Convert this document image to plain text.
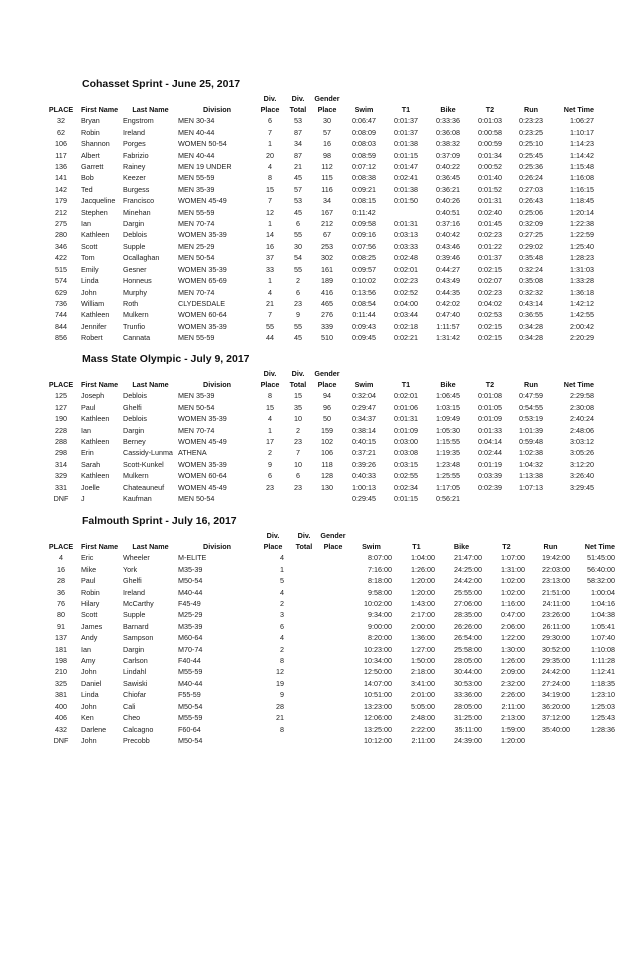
Cohasset Sprint - June 25, 2017
				Div.	Div.	Gender						
PLACE	First Name	Last Name	Division	Place	Total	Place	Swim	T1	Bike	T2	Run	Net Time
32	Bryan	Engstrom	MEN 30-34	6	53	30	0:06:47	0:01:37	0:33:36	0:01:03	0:23:23	1:06:27
62	Robin	Ireland	MEN 40-44	7	87	57	0:08:09	0:01:37	0:36:08	0:00:58	0:23:25	1:10:17
106	Shannon	Porges	WOMEN 50-54	1	34	16	0:08:03	0:01:38	0:38:32	0:00:59	0:25:10	1:14:23
117	Albert	Fabrizio	MEN 40-44	20	87	98	0:08:59	0:01:15	0:37:09	0:01:34	0:25:45	1:14:42
136	Garrett	Rainey	MEN 19 UNDER	4	21	112	0:07:12	0:01:47	0:40:22	0:00:52	0:25:36	1:15:48
141	Bob	Keezer	MEN 55-59	8	45	115	0:08:38	0:02:41	0:36:45	0:01:40	0:26:24	1:16:08
142	Ted	Burgess	MEN 35-39	15	57	116	0:09:21	0:01:38	0:36:21	0:01:52	0:27:03	1:16:15
179	Jacqueline	Francisco	WOMEN 45-49	7	53	34	0:08:15	0:01:50	0:40:26	0:01:31	0:26:43	1:18:45
212	Stephen	Minehan	MEN 55-59	12	45	167	0:11:42		0:40:51	0:02:40	0:25:06	1:20:14
275	Ian	Dargin	MEN 70-74	1	6	212	0:09:58	0:01:31	0:37:16	0:01:45	0:32:09	1:22:38
280	Kathleen	Deblois	WOMEN 35-39	14	55	67	0:09:16	0:03:13	0:40:42	0:02:23	0:27:25	1:22:59
346	Scott	Supple	MEN 25-29	16	30	253	0:07:56	0:03:33	0:43:46	0:01:22	0:29:02	1:25:40
422	Tom	Ocallaghan	MEN 50-54	37	54	302	0:08:25	0:02:48	0:39:46	0:01:37	0:35:48	1:28:23
515	Emily	Gesner	WOMEN 35-39	33	55	161	0:09:57	0:02:01	0:44:27	0:02:15	0:32:24	1:31:03
574	Linda	Honneus	WOMEN 65-69	1	2	189	0:10:02	0:02:23	0:43:49	0:02:07	0:35:08	1:33:28
629	John	Murphy	MEN 70-74	4	6	416	0:13:56	0:02:52	0:44:35	0:02:23	0:32:32	1:36:18
736	William	Roth	CLYDESDALE	21	23	465	0:08:54	0:04:00	0:42:02	0:04:02	0:43:14	1:42:12
744	Kathleen	Mulkern	WOMEN 60-64	7	9	276	0:11:44	0:03:44	0:47:40	0:02:53	0:36:55	1:42:55
844	Jennifer	Trunfio	WOMEN 35-39	55	55	339	0:09:43	0:02:18	1:11:57	0:02:15	0:34:28	2:00:42
856	Robert	Cannata	MEN 55-59	44	45	510	0:09:45	0:02:21	1:31:42	0:02:15	0:34:28	2:20:29
Mass State Olympic - July 9, 2017
				Div.	Div.	Gender						
PLACE	First Name	Last Name	Division	Place	Total	Place	Swim	T1	Bike	T2	Run	Net Time
125	Joseph	Deblois	MEN 35-39	8	15	94	0:32:04	0:02:01	1:06:45	0:01:08	0:47:59	2:29:58
127	Paul	Ghelfi	MEN 50-54	15	35	96	0:29:47	0:01:06	1:03:15	0:01:05	0:54:55	2:30:08
190	Kathleen	Deblois	WOMEN 35-39	4	10	50	0:34:37	0:01:31	1:09:49	0:01:09	0:53:19	2:40:24
228	Ian	Dargin	MEN 70-74	1	2	159	0:38:14	0:01:09	1:05:30	0:01:33	1:01:39	2:48:06
288	Kathleen	Berney	WOMEN 45-49	17	23	102	0:40:15	0:03:00	1:15:55	0:04:14	0:59:48	3:03:12
298	Erin	Cassidy-Lunma	ATHENA	2	7	106	0:37:21	0:03:08	1:19:35	0:02:44	1:02:38	3:05:26
314	Sarah	Scott-Kunkel	WOMEN 35-39	9	10	118	0:39:26	0:03:15	1:23:48	0:01:19	1:04:32	3:12:20
329	Kathleen	Mulkern	WOMEN 60-64	6	6	128	0:40:33	0:02:55	1:25:55	0:03:39	1:13:38	3:26:40
331	Joelle	Chateauneuf	WOMEN 45-49	23	23	130	1:00:13	0:02:34	1:17:05	0:02:39	1:07:13	3:29:45
DNF	J	Kaufman	MEN 50-54				0:29:45	0:01:15	0:56:21			
Falmouth Sprint - July 16, 2017
				Div.	Div.	Gender						
PLACE	First Name	Last Name	Division	Place	Total	Place	Swim	T1	Bike	T2	Run	Net Time
4	Eric	Wheeler	M-ELITE	4			8:07:00	1:04:00	21:47:00	1:07:00	19:42:00	51:45:00
16	Mike	York	M35-39	1			7:16:00	1:26:00	24:25:00	1:31:00	22:03:00	56:40:00
28	Paul	Ghelfi	M50-54	5			8:18:00	1:20:00	24:42:00	1:02:00	23:13:00	58:32:00
36	Robin	Ireland	M40-44	4			9:58:00	1:20:00	25:55:00	1:02:00	21:51:00	1:00:04
76	Hilary	McCarthy	F45-49	2			10:02:00	1:43:00	27:06:00	1:16:00	24:11:00	1:04:16
80	Scott	Supple	M25-29	3			9:34:00	2:17:00	28:35:00	0:47:00	23:26:00	1:04:38
91	James	Barnard	M35-39	6			9:00:00	2:00:00	26:26:00	2:06:00	26:11:00	1:05:41
137	Andy	Sampson	M60-64	4			8:20:00	1:36:00	26:54:00	1:22:00	29:30:00	1:07:40
181	Ian	Dargin	M70-74	2			10:23:00	1:27:00	25:58:00	1:30:00	30:52:00	1:10:08
198	Amy	Carlson	F40-44	8			10:34:00	1:50:00	28:05:00	1:26:00	29:35:00	1:11:28
210	John	Lindahl	M55-59	12			12:50:00	2:18:00	30:44:00	2:09:00	24:42:00	1:12:41
325	Daniel	Sawiski	M40-44	19			14:07:00	3:41:00	30:53:00	2:32:00	27:24:00	1:18:35
381	Linda	Chiofar	F55-59	9			10:51:00	2:01:00	33:36:00	2:26:00	34:19:00	1:23:10
400	John	Cali	M50-54	28			13:23:00	5:05:00	28:05:00	2:11:00	36:20:00	1:25:03
406	Ken	Cheo	M55-59	21			12:06:00	2:48:00	31:25:00	2:13:00	37:12:00	1:25:43
432	Darlene	Calcagno	F60-64	8			13:25:00	2:22:00	35:11:00	1:59:00	35:40:00	1:28:36
DNF	John	Precobb	M50-54				10:12:00	2:11:00	24:39:00	1:20:00		
